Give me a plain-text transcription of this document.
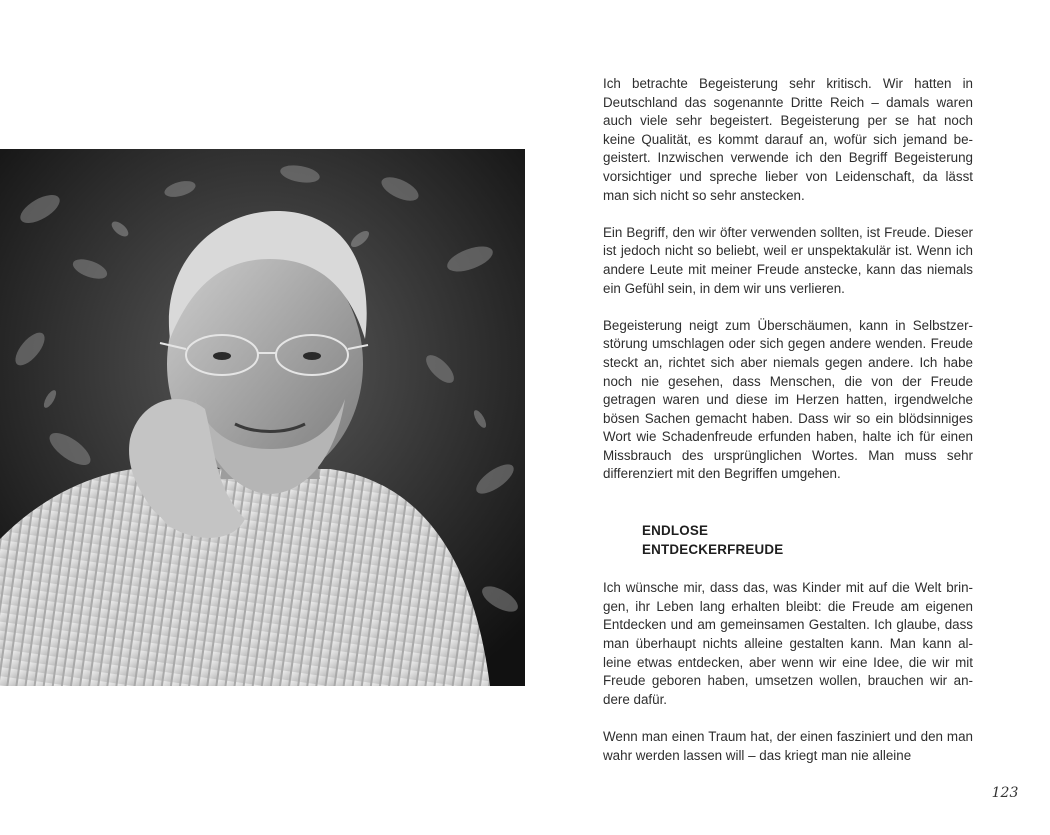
Ich betrachte Begeisterung sehr kritisch. Wir hatten in Deutschland das sogenannte Dritte Reich – damals waren auch viele sehr begeistert. Begeisterung per se hat noch keine Qualität, es kommt darauf an, wofür sich jemand begeistert. Inzwischen verwende ich den Begriff Begeisterung vorsichtiger und spreche lieber von Leidenschaft, da lässt man sich nicht so sehr anstecken.

Ein Begriff, den wir öfter verwenden sollten, ist Freude. Dieser ist jedoch nicht so beliebt, weil er unspektakulär ist. Wenn ich andere Leute mit meiner Freude anstecke, kann das niemals ein Gefühl sein, in dem wir uns verlieren.

Begeisterung neigt zum Überschäumen, kann in Selbstzerstörung umschlagen oder sich gegen andere wenden. Freude steckt an, richtet sich aber niemals gegen andere. Ich habe noch nie gesehen, dass Menschen, die von der Freude getragen waren und diese im Herzen hatten, irgendwelche bösen Sachen gemacht haben. Dass wir so ein blödsinniges Wort wie Schadenfreude erfunden haben, halte ich für einen Missbrauch des ursprünglichen Wortes. Man muss sehr differenziert mit den Begriffen umgehen.

ENDLOSE
ENTDECKERFREUDE

Ich wünsche mir, dass das, was Kinder mit auf die Welt bringen, ihr Leben lang erhalten bleibt: die Freude am eigenen Entdecken und am gemeinsamen Gestalten. Ich glaube, dass man überhaupt nichts alleine gestalten kann. Man kann alleine etwas entdecken, aber wenn wir eine Idee, die wir mit Freude geboren haben, umsetzen wollen, brauchen wir andere dafür.

Wenn man einen Traum hat, der einen fasziniert und den man wahr werden lassen will – das kriegt man nie alleine

123
